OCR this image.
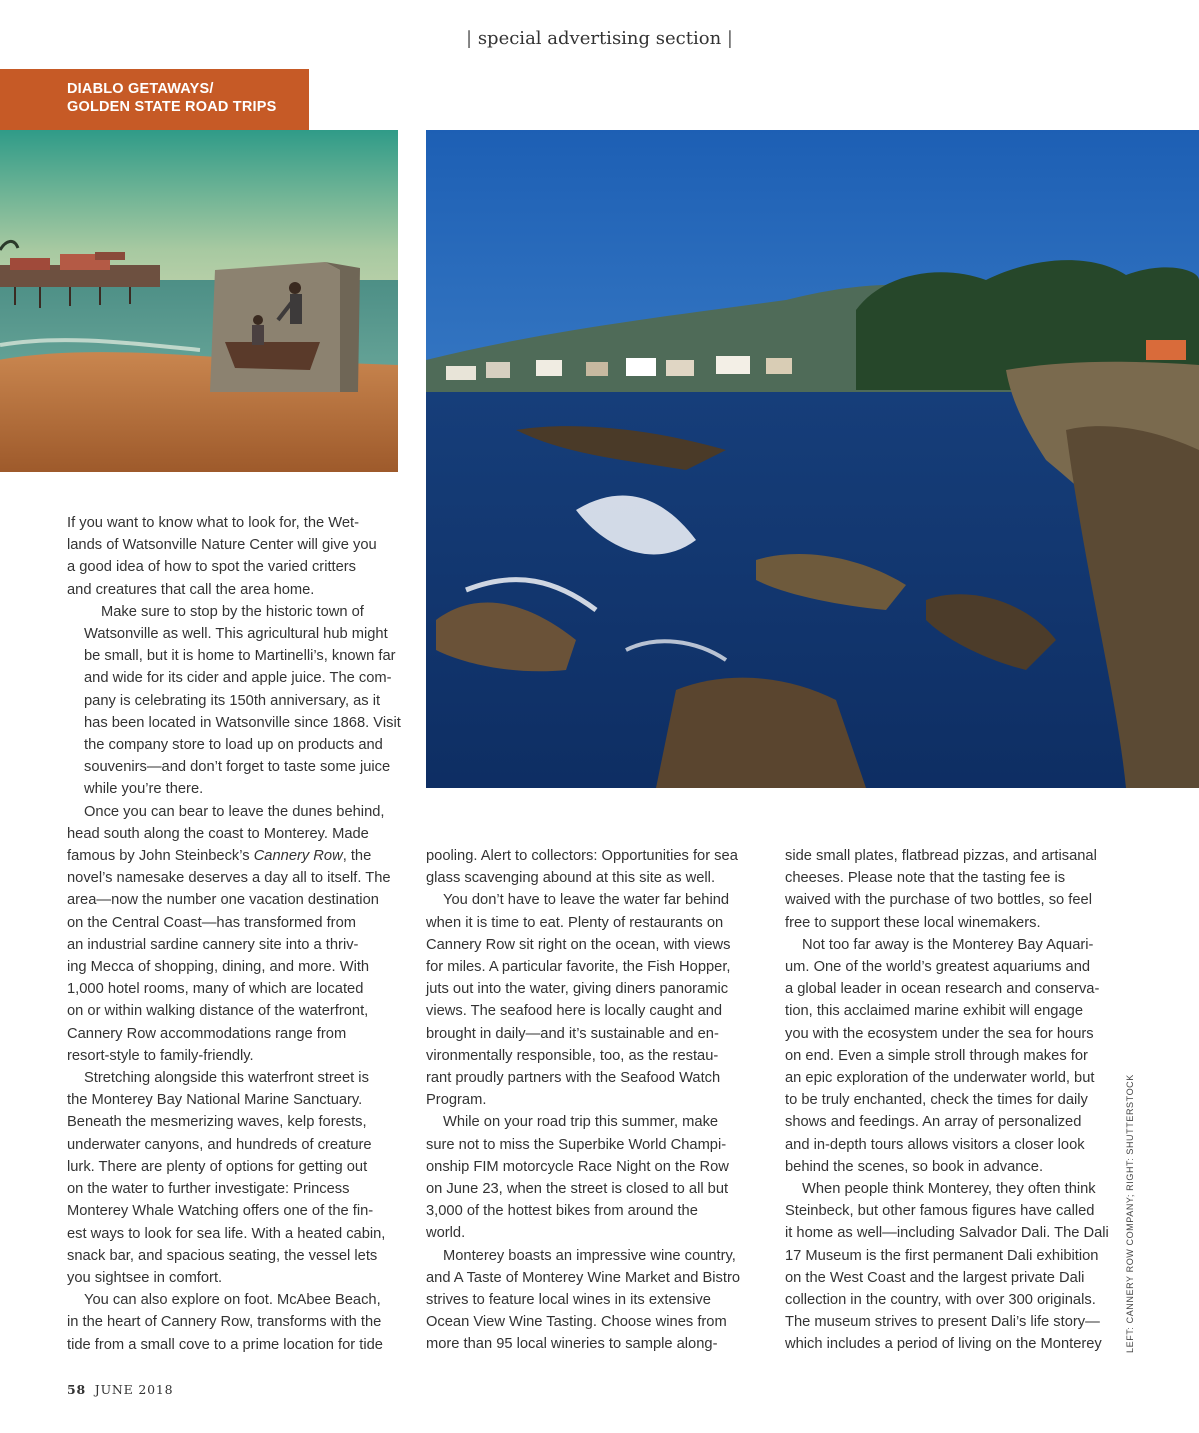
| special advertising section |
DIABLO GETAWAYS/
GOLDEN STATE ROAD TRIPS

If you want to know what to look for, the Wet-
lands of Watsonville Nature Center will give you
a good idea of how to spot the varied critters
and creatures that call the area home.

Make sure to stop by the historic town of
Watsonville as well. This agricultural hub might
be small, but it is home to Martinelli’s, known far
and wide for its cider and apple juice. The com-
pany is celebrating its 150th anniversary, as it
has been located in Watsonville since 1868. Visit
the company store to load up on products and
souvenirs—and don’t forget to taste some juice
while you’re there.

Once you can bear to leave the dunes behind,
head south along the coast to Monterey. Made
famous by John Steinbeck’s Cannery Row, the
novel’s namesake deserves a day all to itself. The
area—now the number one vacation destination
on the Central Coast—has transformed from
an industrial sardine cannery site into a thriv-
ing Mecca of shopping, dining, and more. With
1,000 hotel rooms, many of which are located
on or within walking distance of the waterfront,
Cannery Row accommodations range from
resort-style to family-friendly.

Stretching alongside this waterfront street is
the Monterey Bay National Marine Sanctuary.
Beneath the mesmerizing waves, kelp forests,
underwater canyons, and hundreds of creature
lurk. There are plenty of options for getting out
on the water to further investigate: Princess
Monterey Whale Watching offers one of the fin-
est ways to look for sea life. With a heated cabin,
snack bar, and spacious seating, the vessel lets
you sightsee in comfort.

You can also explore on foot. McAbee Beach,
in the heart of Cannery Row, transforms with the
tide from a small cove to a prime location for tide

pooling. Alert to collectors: Opportunities for sea
glass scavenging abound at this site as well.

You don’t have to leave the water far behind
when it is time to eat. Plenty of restaurants on
Cannery Row sit right on the ocean, with views
for miles. A particular favorite, the Fish Hopper,
juts out into the water, giving diners panoramic
views. The seafood here is locally caught and
brought in daily—and it’s sustainable and en-
vironmentally responsible, too, as the restau-
rant proudly partners with the Seafood Watch
Program.

While on your road trip this summer, make
sure not to miss the Superbike World Champi-
onship FIM motorcycle Race Night on the Row
on June 23, when the street is closed to all but
3,000 of the hottest bikes from around the
world.

Monterey boasts an impressive wine country,
and A Taste of Monterey Wine Market and Bistro
strives to feature local wines in its extensive
Ocean View Wine Tasting. Choose wines from
more than 95 local wineries to sample along-

side small plates, flatbread pizzas, and artisanal
cheeses. Please note that the tasting fee is
waived with the purchase of two bottles, so feel
free to support these local winemakers.

Not too far away is the Monterey Bay Aquari-
um. One of the world’s greatest aquariums and
a global leader in ocean research and conserva-
tion, this acclaimed marine exhibit will engage
you with the ecosystem under the sea for hours
on end. Even a simple stroll through makes for
an epic exploration of the underwater world, but
to be truly enchanted, check the times for daily
shows and feedings. An array of personalized
and in-depth tours allows visitors a closer look
behind the scenes, so book in advance.

When people think Monterey, they often think
Steinbeck, but other famous figures have called
it home as well—including Salvador Dali. The Dali
17 Museum is the first permanent Dali exhibition
on the West Coast and the largest private Dali
collection in the country, with over 300 originals.
The museum strives to present Dali’s life story—
which includes a period of living on the Monterey	LEFT: CANNERY ROW COMPANY; RIGHT: SHUTTERSTOCK
58 JUNE 2018
